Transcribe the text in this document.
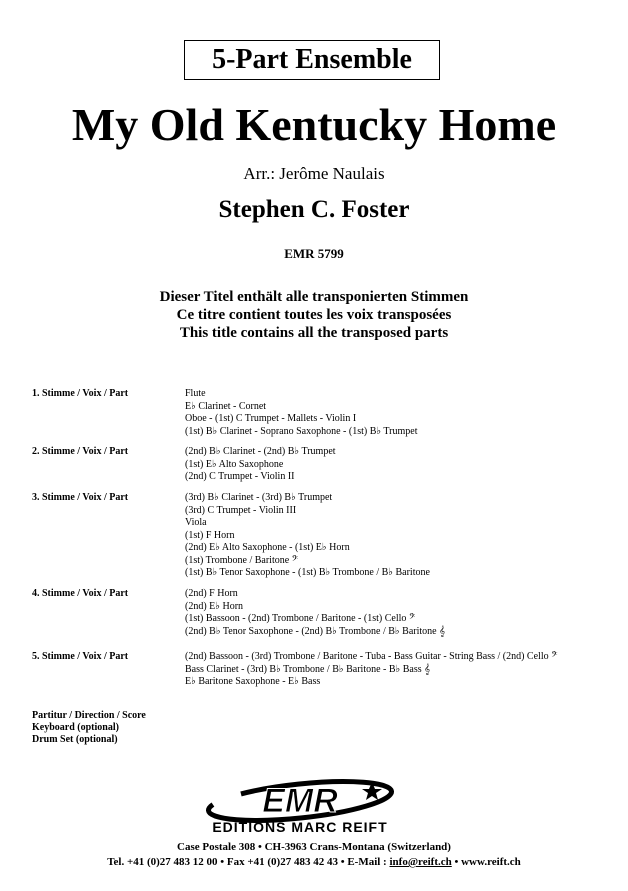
5-Part Ensemble
My Old Kentucky Home
Arr.: Jerôme Naulais
Stephen C. Foster
EMR 5799
Dieser Titel enthält alle transponierten Stimmen
Ce titre contient toutes les voix transposées
This title contains all the transposed parts
1. Stimme / Voix / Part	Flute
E♭ Clarinet - Cornet
Oboe - (1st) C Trumpet - Mallets - Violin I
(1st) B♭ Clarinet - Soprano Saxophone - (1st) B♭ Trumpet
2. Stimme / Voix / Part	(2nd) B♭ Clarinet - (2nd) B♭ Trumpet
(1st) E♭ Alto Saxophone
(2nd) C Trumpet - Violin II
3. Stimme / Voix / Part	(3rd) B♭ Clarinet - (3rd) B♭ Trumpet
(3rd) C Trumpet - Violin III
Viola
(1st) F Horn
(2nd) E♭ Alto Saxophone - (1st) E♭ Horn
(1st) Trombone / Baritone 𝄢
(1st) B♭ Tenor Saxophone - (1st) B♭ Trombone / B♭ Baritone
4. Stimme / Voix / Part	(2nd) F Horn
(2nd) E♭ Horn
(1st) Bassoon - (2nd) Trombone / Baritone - (1st) Cello 𝄢
(2nd) B♭ Tenor Saxophone - (2nd) B♭ Trombone / B♭ Baritone 𝄞
5. Stimme / Voix / Part	(2nd) Bassoon - (3rd) Trombone / Baritone - Tuba - Bass Guitar - String Bass / (2nd) Cello 𝄢
Bass Clarinet - (3rd) B♭ Trombone / B♭ Baritone - B♭ Bass 𝄞
E♭ Baritone Saxophone - E♭ Bass
Partitur / Direction / Score
Keyboard (optional)
Drum Set (optional)
EMR
EDITIONS MARC REIFT
Case Postale 308 • CH-3963 Crans-Montana (Switzerland)
Tel. +41 (0)27 483 12 00 • Fax +41 (0)27 483 42 43 • E-Mail : info@reift.ch • www.reift.ch
